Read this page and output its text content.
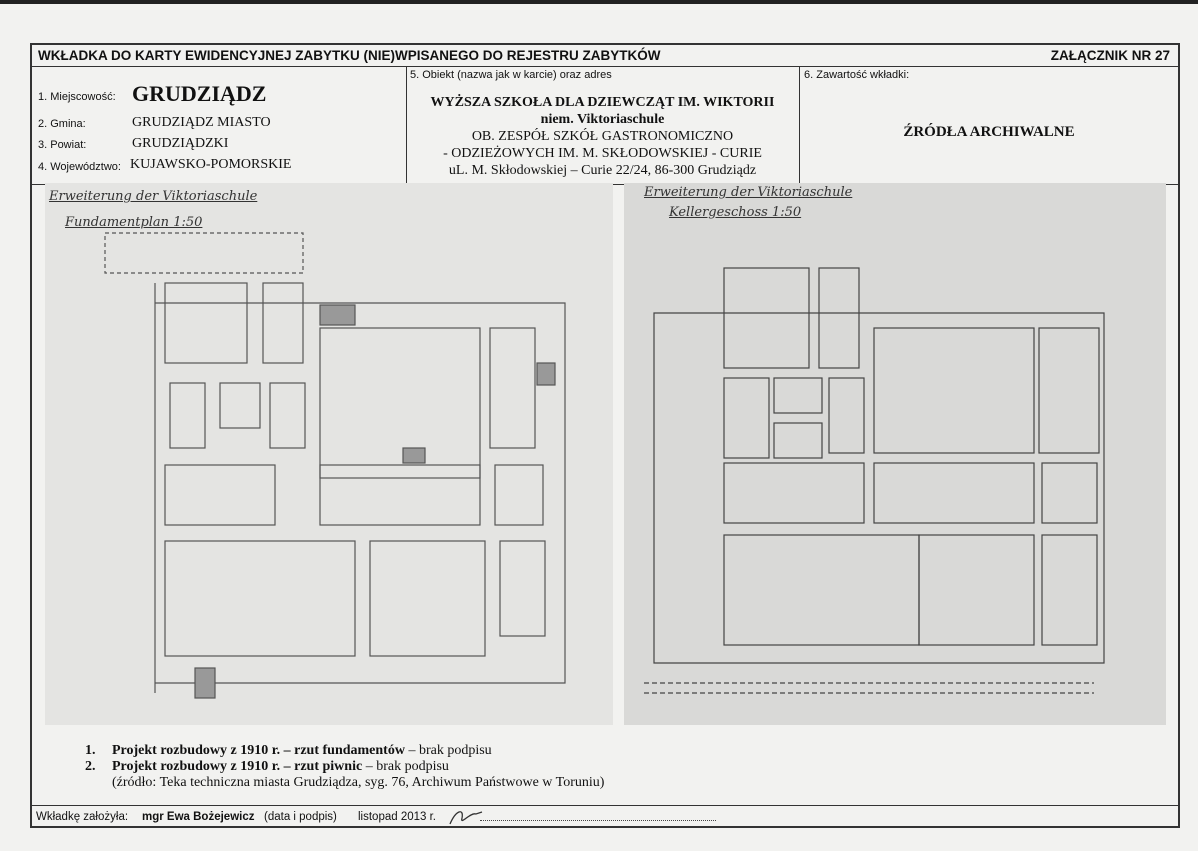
WKŁADKA DO KARTY EWIDENCYJNEJ ZABYTKU (NIE)WPISANEGO DO REJESTRU ZABYTKÓW	ZAŁĄCZNIK NR 27
1. Miejscowość: GRUDZIĄDZ
2. Gmina:	GRUDZIĄDZ MIASTO
3. Powiat:	GRUDZIĄDZKI
4. Województwo: KUJAWSKO-POMORSKIE
5. Obiekt (nazwa jak w karcie) oraz adres
WYŻSZA SZKOŁA DLA DZIEWCZĄT IM. WIKTORII
niem. Viktoriaschule
OB. ZESPÓŁ SZKÓŁ GASTRONOMICZNO
- ODZIEŻOWYCH IM. M. SKŁODOWSKIEJ - CURIE
uL. M. Skłodowskiej – Curie 22/24, 86-300 Grudziądz
6. Zawartość wkładki:
ŹRÓDŁA ARCHIWALNE
Wkładkę założyła: mgr Ewa Bożejewicz (data i podpis) listopad 2013 r.
Erweiterung der Viktoriaschule
Fundamentplan 1:50
Erweiterung der Viktoriaschule
Kellergeschoss 1:50
1. Projekt rozbudowy z 1910 r. – rzut fundamentów – brak podpisu
2. Projekt rozbudowy z 1910 r. – rzut piwnic – brak podpisu
(źródło: Teka techniczna miasta Grudziądza, syg. 76, Archiwum Państwowe w Toruniu)
